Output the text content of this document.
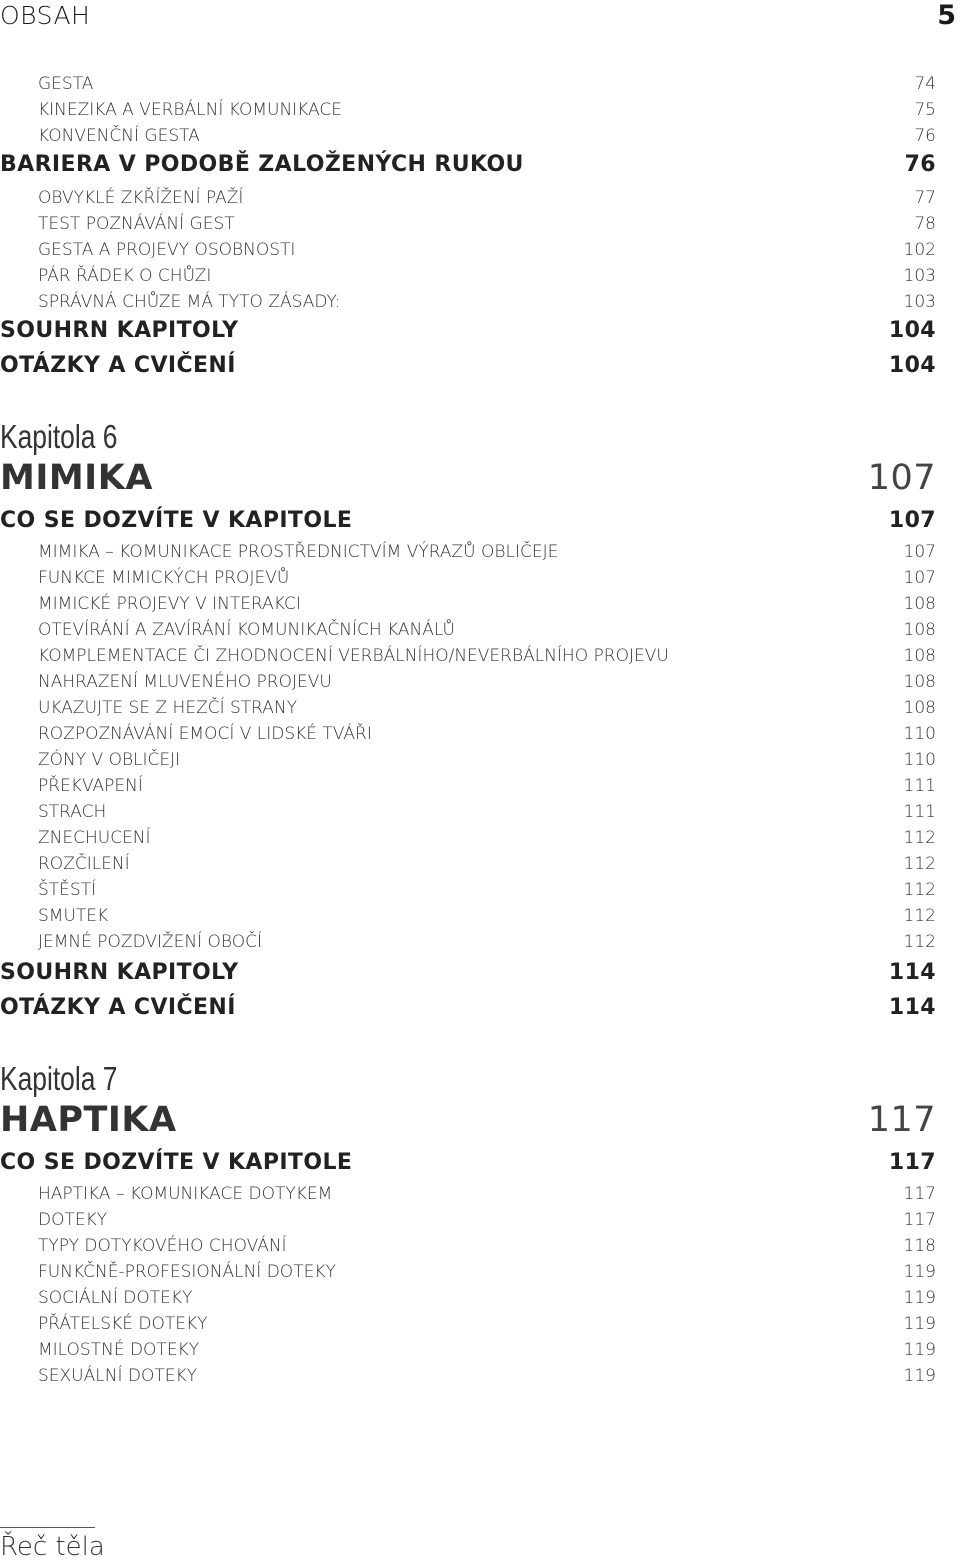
OBSAH	5
GESTA	74
KINEZIKA A VERBÁLNÍ KOMUNIKACE	75
KONVENČNÍ GESTA	76
BARIERA V PODOBĚ ZALOŽENÝCH RUKOU	76
OBVYKLÉ ZKŘÍŽENÍ PAŽÍ	77
TEST POZNÁVÁNÍ GEST	78
GESTA A PROJEVY OSOBNOSTI	102
PÁR ŘÁDEK O CHŮZI	103
SPRÁVNÁ CHŮZE MÁ TYTO ZÁSADY:	103
SOUHRN KAPITOLY	104
OTÁZKY A CVIČENÍ	104
Kapitola 6
MIMIKA	107
CO SE DOZVÍTE V KAPITOLE	107
MIMIKA – KOMUNIKACE PROSTŘEDNICTVÍM VÝRAZŮ OBLIČEJE	107
FUNKCE MIMICKÝCH PROJEVŮ	107
MIMICKÉ PROJEVY V INTERAKCI	108
OTEVÍRÁNÍ A ZAVÍRÁNÍ KOMUNIKAČNÍCH KANÁLŮ	108
KOMPLEMENTACE ČI ZHODNOCENÍ VERBÁLNÍHO/NEVERBÁLNÍHO PROJEVU	108
NAHRAZENÍ MLUVENÉHO PROJEVU	108
UKAZUJTE SE Z HEZČÍ STRANY	108
ROZPOZNÁVÁNÍ EMOCÍ V LIDSKÉ TVÁŘI	110
ZÓNY V OBLIČEJI	110
PŘEKVAPENÍ	111
STRACH	111
ZNECHUCENÍ	112
ROZČILENÍ	112
ŠTĚSTÍ	112
SMUTEK	112
JEMNÉ POZDVIŽENÍ OBOČÍ	112
SOUHRN KAPITOLY	114
OTÁZKY A CVIČENÍ	114
Kapitola 7
HAPTIKA	117
CO SE DOZVÍTE V KAPITOLE	117
HAPTIKA – KOMUNIKACE DOTYKEM	117
DOTEKY	117
TYPY DOTYKOVÉHO CHOVÁNÍ	118
FUNKČNĚ-PROFESIONÁLNÍ DOTEKY	119
SOCIÁLNÍ DOTEKY	119
PŘÁTELSKÉ DOTEKY	119
MILOSTNÉ DOTEKY	119
SEXUÁLNÍ DOTEKY	119
Řeč těla
